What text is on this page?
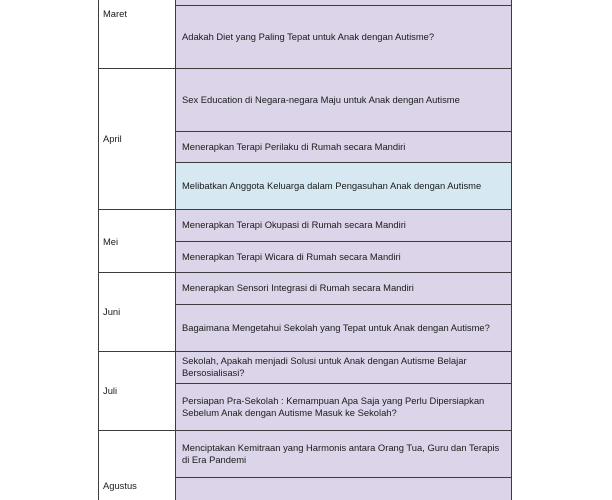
Adakah Diet yang Paling Tepat untuk Anak dengan Autisme?
Sex Education di Negara-negara Maju untuk Anak dengan Autisme
Menerapkan Terapi Perilaku di Rumah secara Mandiri
Melibatkan Anggota Keluarga dalam Pengasuhan Anak dengan Autisme
Menerapkan Terapi Okupasi di Rumah secara Mandiri
Menerapkan Terapi Wicara di Rumah secara Mandiri
Menerapkan Sensori Integrasi di Rumah secara Mandiri
Bagaimana Mengetahui Sekolah yang Tepat untuk Anak dengan Autisme?
Sekolah, Apakah menjadi Solusi untuk Anak dengan Autisme Belajar Bersosialisasi?
Persiapan Pra-Sekolah : Kemampuan Apa Saja yang Perlu Dipersiapkan Sebelum Anak dengan Autisme Masuk ke Sekolah?
Menciptakan Kemitraan yang Harmonis antara Orang Tua, Guru dan Terapis di Era Pandemi
Maret
April
Mei
Juni
Juli
Agustus
